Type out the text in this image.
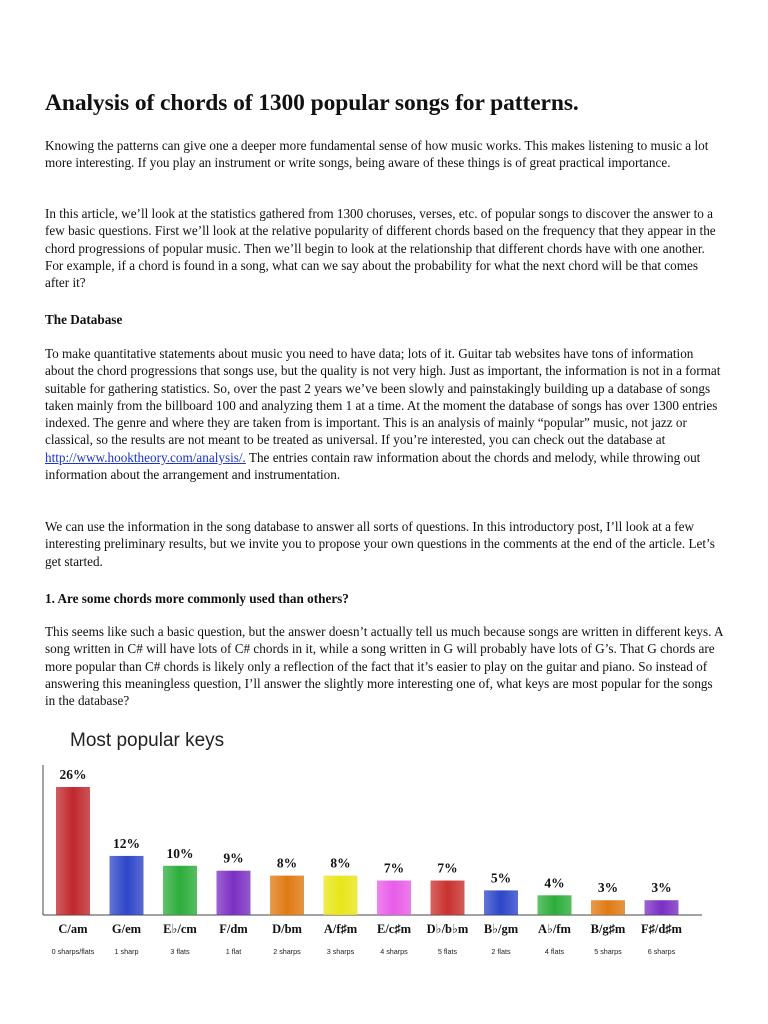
Analysis of chords of 1300 popular songs for patterns.

Knowing the patterns can give one a deeper more fundamental sense of how music works. This makes listening to music a lot more interesting. If you play an instrument or write songs, being aware of these things is of great practical importance.

In this article, we’ll look at the statistics gathered from 1300 choruses, verses, etc. of popular songs to discover the answer to a few basic questions. First we’ll look at the relative popularity of different chords based on the frequency that they appear in the chord progressions of popular music. Then we’ll begin to look at the relationship that different chords have with one another. For example, if a chord is found in a song, what can we say about the probability for what the next chord will be that comes after it?

The Database

To make quantitative statements about music you need to have data; lots of it. Guitar tab websites have tons of information about the chord progressions that songs use, but the quality is not very high. Just as important, the information is not in a format suitable for gathering statistics. So, over the past 2 years we’ve been slowly and painstakingly building up a database of songs taken mainly from the billboard 100 and analyzing them 1 at a time. At the moment the database of songs has over 1300 entries indexed. The genre and where they are taken from is important. This is an analysis of mainly “popular” music, not jazz or classical, so the results are not meant to be treated as universal. If you’re interested, you can check out the database at http://www.hooktheory.com/analysis/. The entries contain raw information about the chords and melody, while throwing out information about the arrangement and instrumentation.

We can use the information in the song database to answer all sorts of questions. In this introductory post, I’ll look at a few interesting preliminary results, but we invite you to propose your own questions in the comments at the end of the article. Let’s get started.

1. Are some chords more commonly used than others?

This seems like such a basic question, but the answer doesn’t actually tell us much because songs are written in different keys. A song written in C# will have lots of C# chords in it, while a song written in G will probably have lots of G’s. That G chords are more popular than C# chords is likely only a reflection of the fact that it’s easier to play on the guitar and piano. So instead of answering this meaningless question, I’ll answer the slightly more interesting one of, what keys are most popular for the songs in the database?

Most popular keys
26%
C/am
0 sharps/flats
12%
G/em
1 sharp
10%
E♭/cm
3 flats
9%
F/dm
1 flat
8%
D/bm
2 sharps
8%
A/f♯m
3 sharps
7%
E/c♯m
4 sharps
7%
D♭/b♭m
5 flats
5%
B♭/gm
2 flats
4%
A♭/fm
4 flats
3%
B/g♯m
5 sharps
3%
F♯/d♯m
6 sharps
